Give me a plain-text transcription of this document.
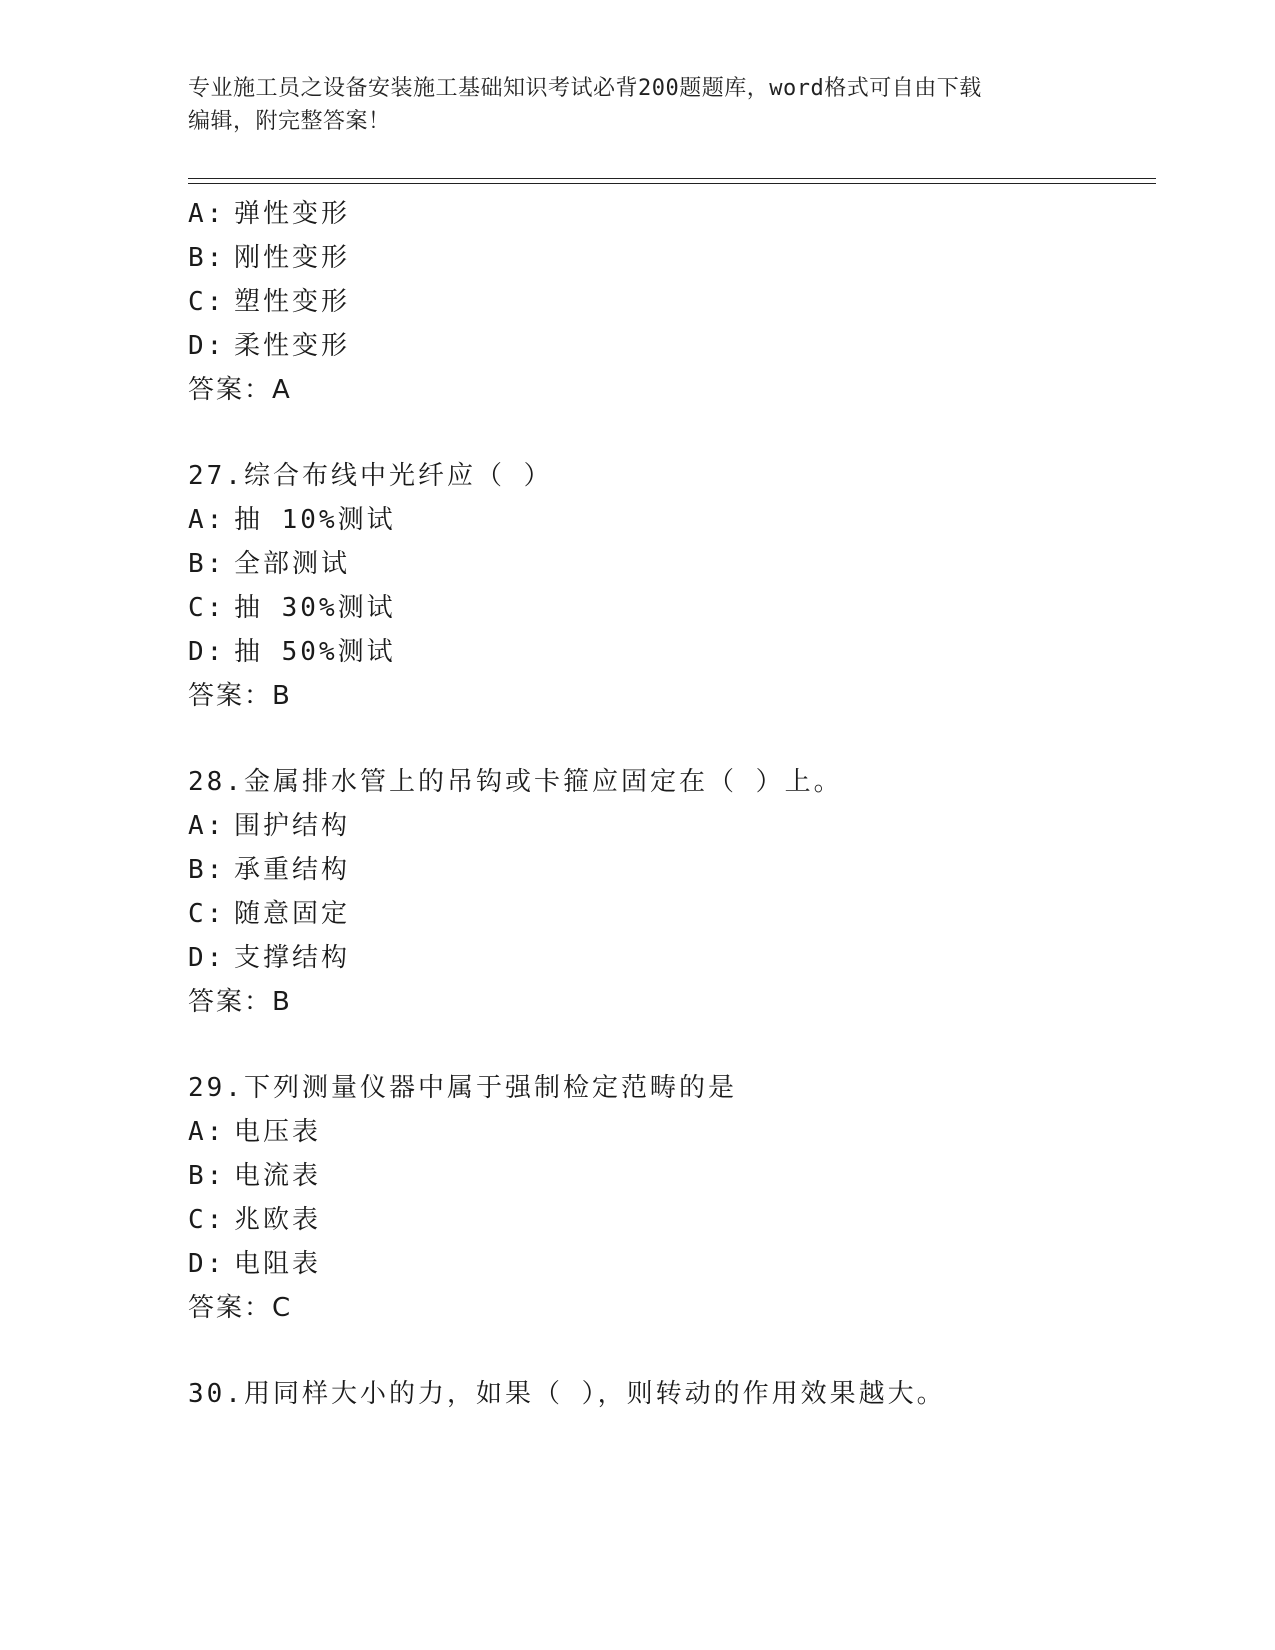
专业施工员之设备安装施工基础知识考试必背200题题库，word格式可自由下载
编辑，附完整答案！
A: 弹性变形
B: 刚性变形
C: 塑性变形
D: 柔性变形
答案：A
27.综合布线中光纤应（ ）
A: 抽 10%测试
B: 全部测试
C: 抽 30%测试
D: 抽 50%测试
答案：B
28.金属排水管上的吊钩或卡箍应固定在（ ）上。
A: 围护结构
B: 承重结构
C: 随意固定
D: 支撑结构
答案：B
29.下列测量仪器中属于强制检定范畴的是
A: 电压表
B: 电流表
C: 兆欧表
D: 电阻表
答案：C
30.用同样大小的力，如果（ ），则转动的作用效果越大。
